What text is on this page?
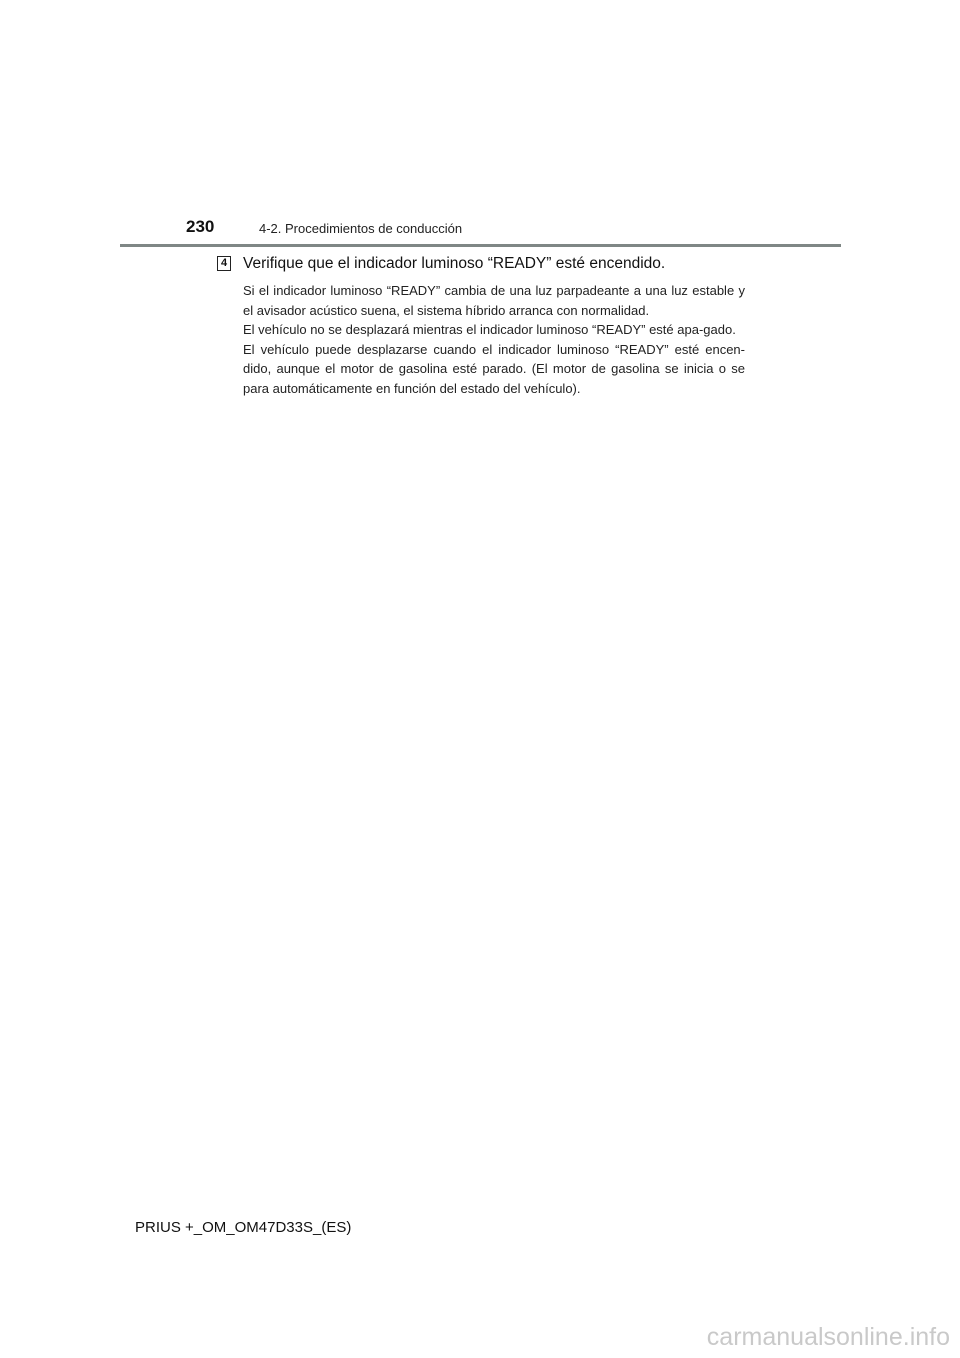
230	4-2. Procedimientos de conducción
4 Verifique que el indicador luminoso “READY” esté encendido.

Si el indicador luminoso “READY” cambia de una luz parpadeante a una luz estable y el avisador acústico suena, el sistema híbrido arranca con normalidad.

El vehículo no se desplazará mientras el indicador luminoso “READY” esté apa-gado.

El vehículo puede desplazarse cuando el indicador luminoso “READY” esté encen-dido, aunque el motor de gasolina esté parado. (El motor de gasolina se inicia o se para automáticamente en función del estado del vehículo).

PRIUS +_OM_OM47D33S_(ES)
carmanualsonline.info
